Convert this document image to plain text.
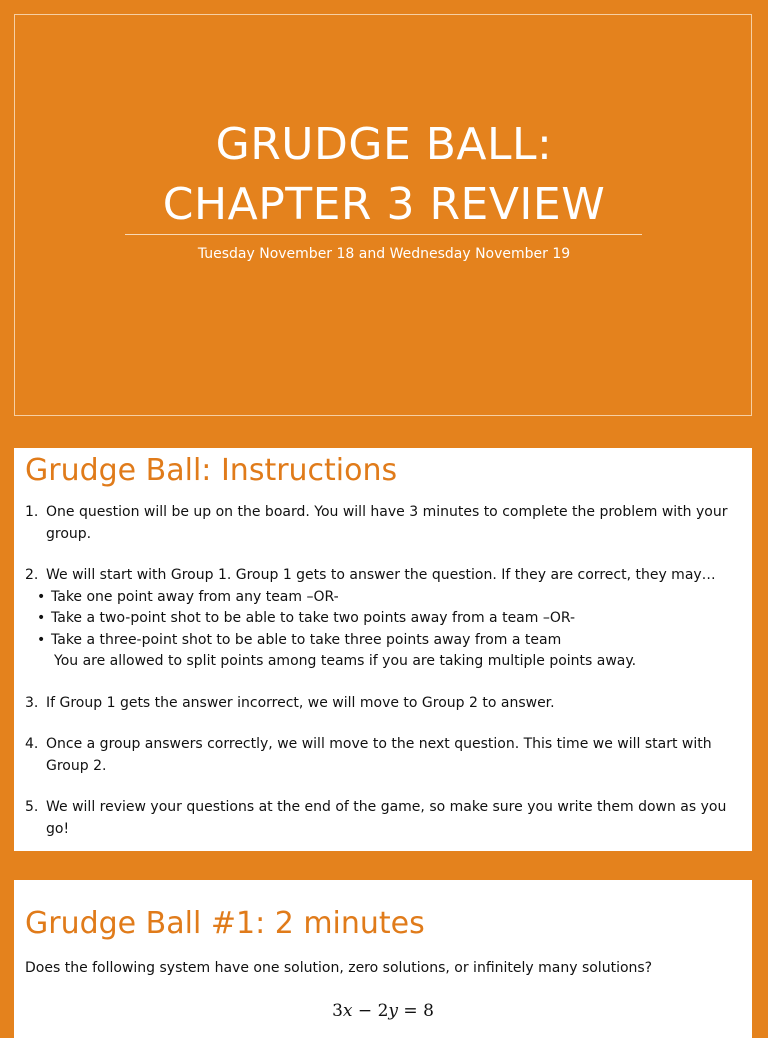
GRUDGE BALL:
CHAPTER 3 REVIEW
Tuesday November 18 and Wednesday November 19
Grudge Ball: Instructions
1. One question will be up on the board. You will have 3 minutes to complete the problem with your group.
2. We will start with Group 1. Group 1 gets to answer the question. If they are correct, they may…
• Take one point away from any team –OR-
• Take a two-point shot to be able to take two points away from a team –OR-
• Take a three-point shot to be able to take three points away from a team
You are allowed to split points among teams if you are taking multiple points away.
3. If Group 1 gets the answer incorrect, we will move to Group 2 to answer.
4. Once a group answers correctly, we will move to the next question. This time we will start with Group 2.
5. We will review your questions at the end of the game, so make sure you write them down as you go!
Grudge Ball #1: 2 minutes
Does the following system have one solution, zero solutions, or infinitely many solutions?
3x − 2y = 8
